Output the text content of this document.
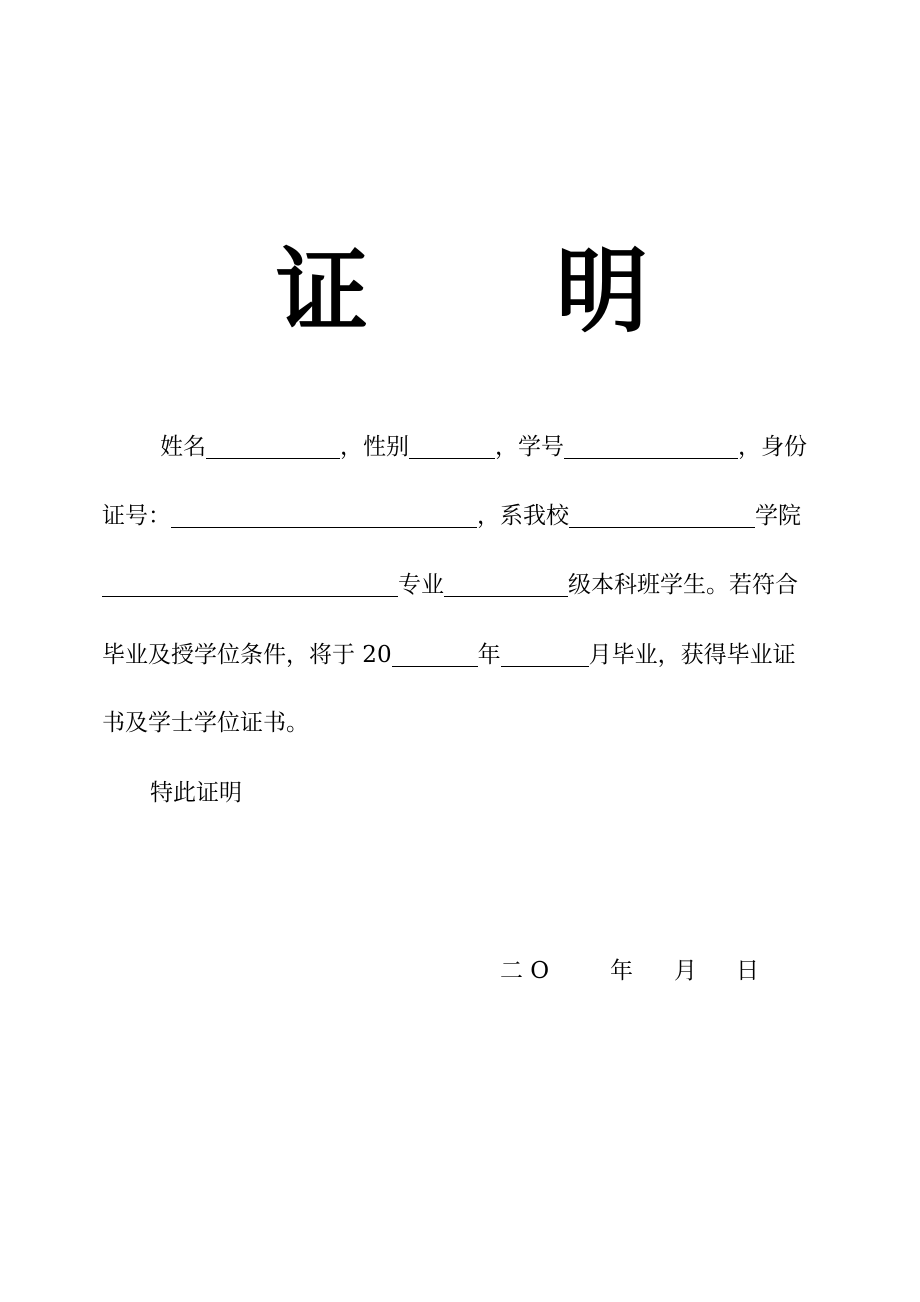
证 明
姓名	，性别	，学号	，身份
证号：	，系我校	学院
专业	级本科班学生。若符合
毕业及授学位条件，将于 20	年	月毕业，获得毕业证
书及学士学位证书。
特此证明
二 O	年 月 日
